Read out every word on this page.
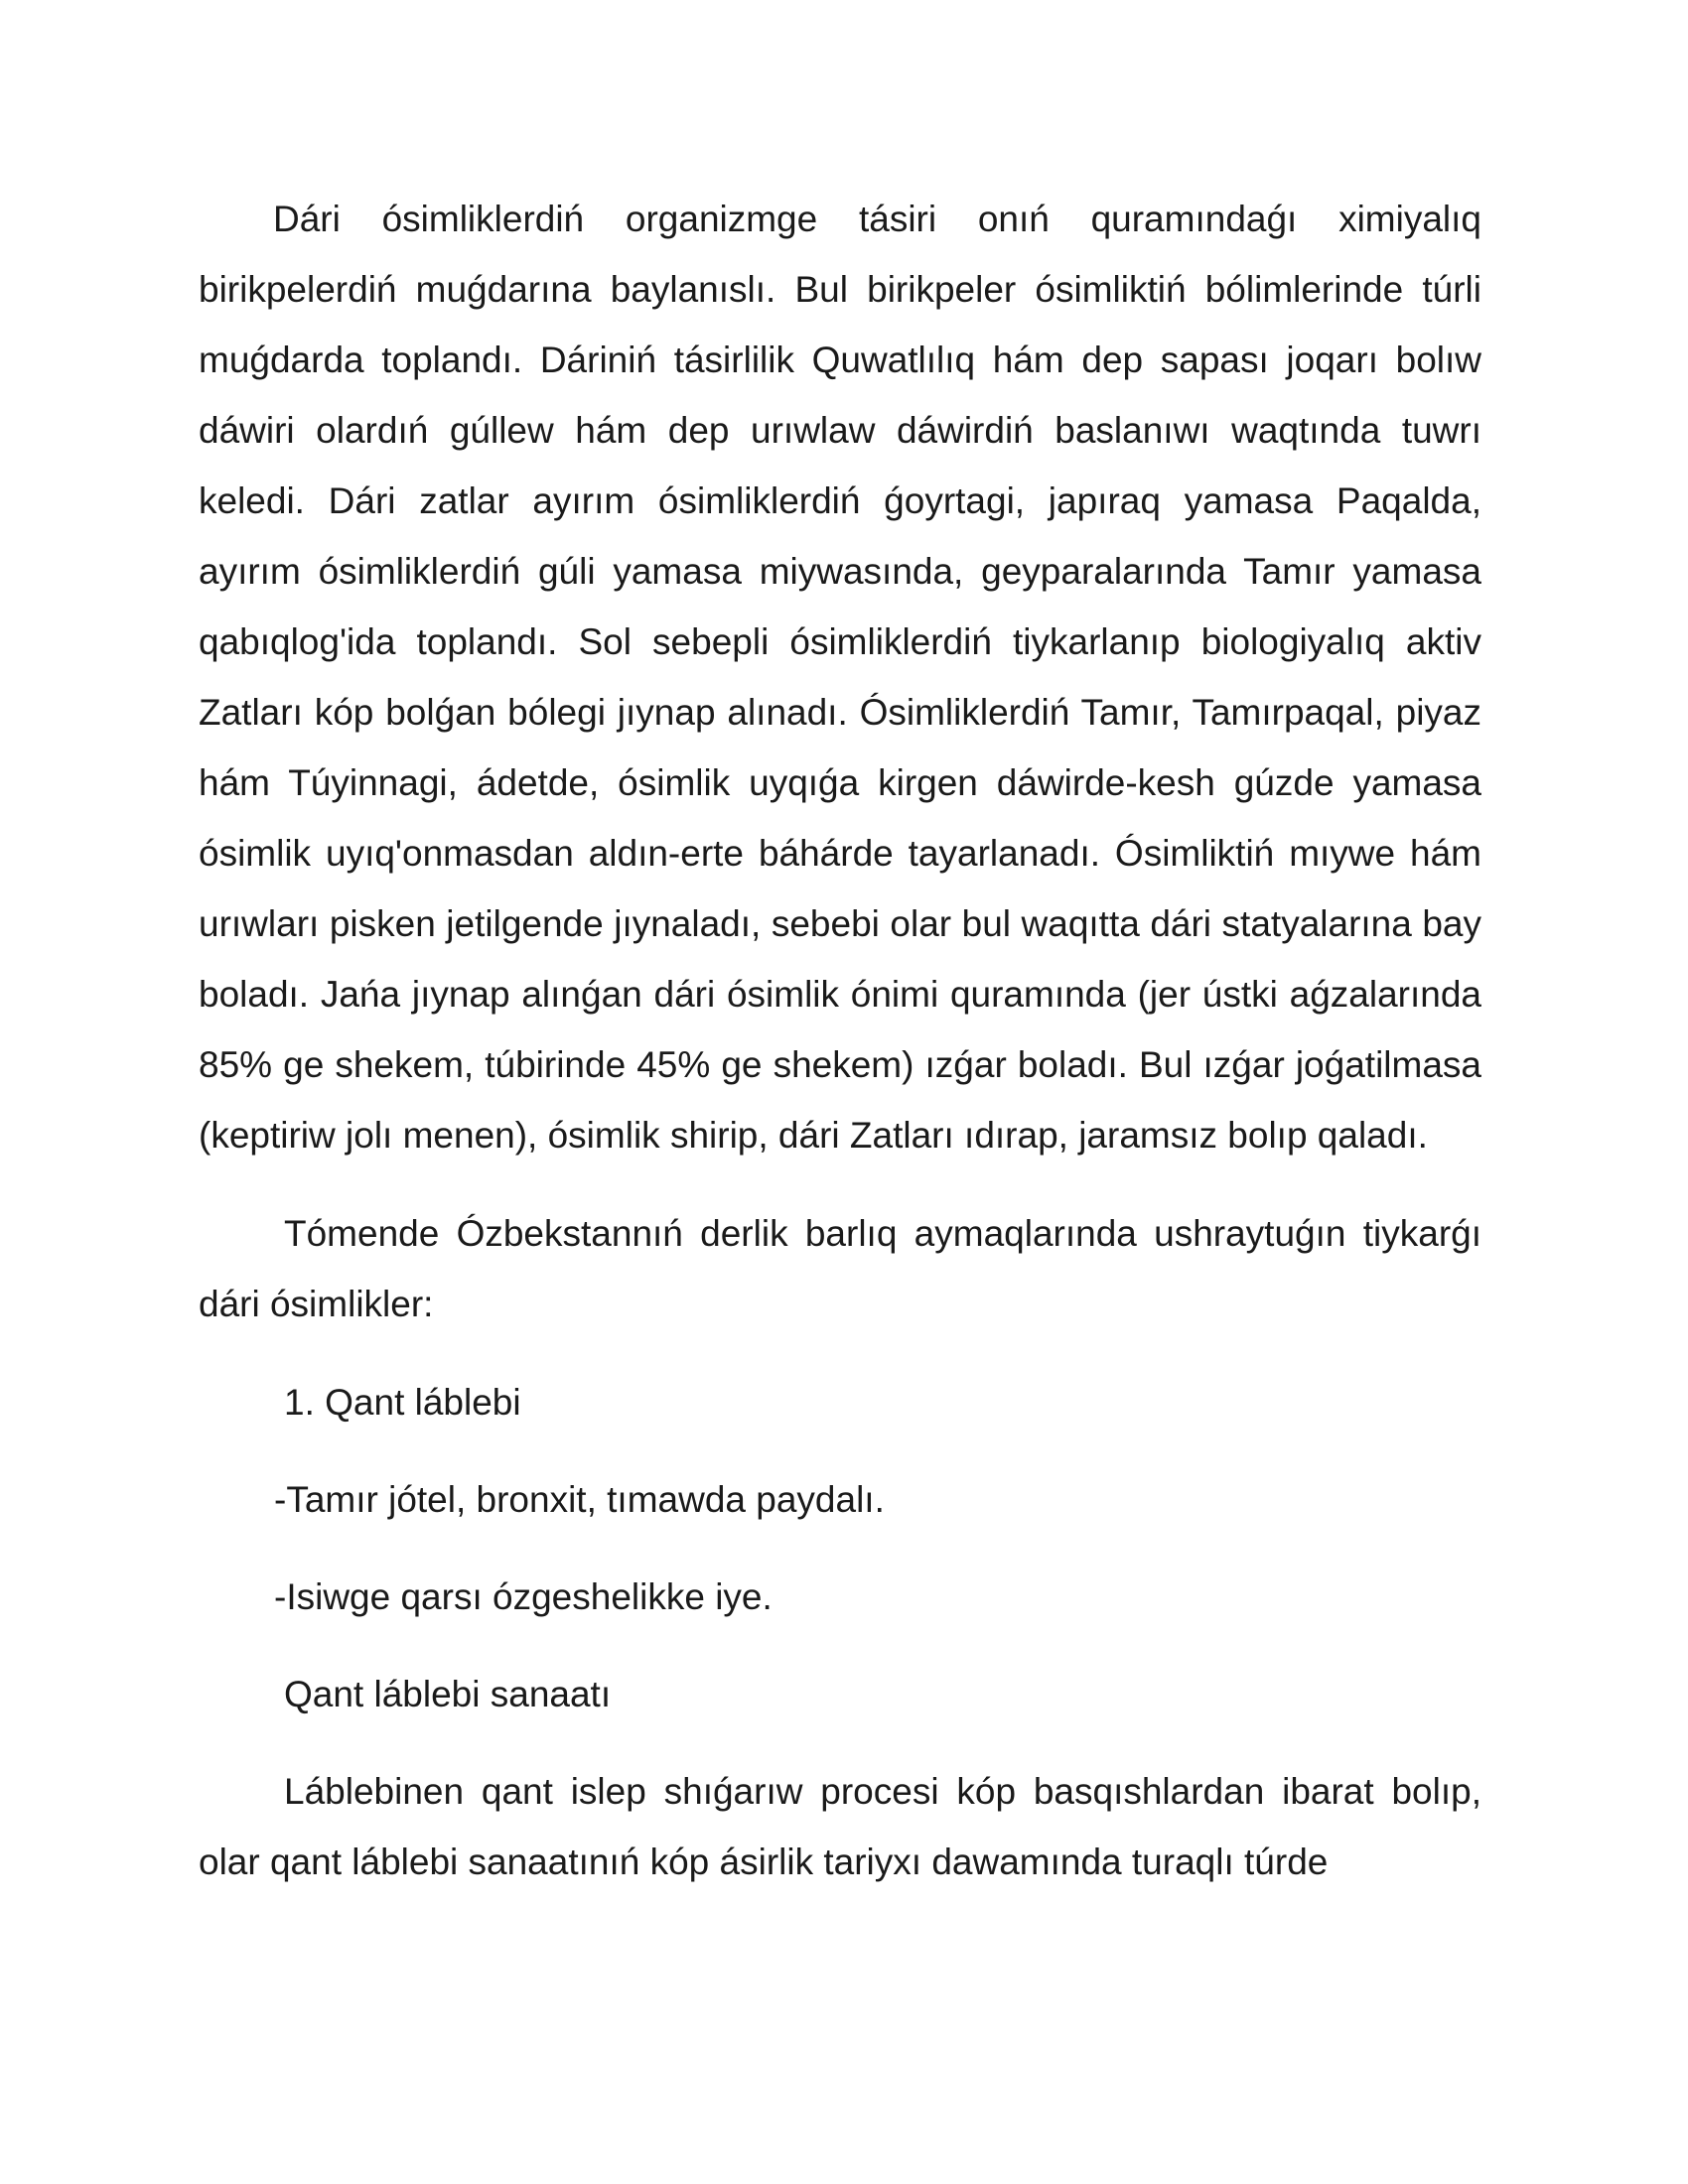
Dári ósimliklerdiń organizmge tásiri onıń quramındaǵı ximiyalıq birikpelerdiń muǵdarına baylanıslı. Bul birikpeler ósimliktiń bólimlerinde túrli muǵdarda toplandı. Dáriniń tásirlilik Quwatlılıq hám dep sapası joqarı bolıw dáwiri olardıń gúllew hám dep urıwlaw dáwirdiń baslanıwı waqtında tuwrı keledi. Dári zatlar ayırım ósimliklerdiń ǵoyrtagi, japıraq yamasa Paqalda, ayırım ósimliklerdiń gúli yamasa miywasında, geyparalarında Tamır yamasa qabıqlog'ida toplandı. Sol sebepli ósimliklerdiń tiykarlanıp biologiyalıq aktiv Zatları kóp bolǵan bólegi jıynap alınadı. Ósimliklerdiń Tamır, Tamırpaqal, piyaz hám Túyinnagi, ádetde, ósimlik uyqıǵa kirgen dáwirde-kesh gúzde yamasa ósimlik uyıq'onmasdan aldın-erte báhárde tayarlanadı. Ósimliktiń mıywe hám urıwları pisken jetilgende jıynaladı, sebebi olar bul waqıtta dári statyalarına bay boladı. Jańa jıynap alınǵan dári ósimlik ónimi quramında (jer ústki aǵzalarında 85% ge shekem, túbirinde 45% ge shekem) ızǵar boladı. Bul ızǵar joǵatilmasa (keptiriw jolı menen), ósimlik shirip, dári Zatları ıdırap, jaramsız bolıp qaladı.

Tómende Ózbekstannıń derlik barlıq aymaqlarında ushraytuǵın tiykarǵı dári ósimlikler:

1. Qant láblebi

-Tamır jótel, bronxit, tımawda paydalı.

-Isiwge qarsı ózgeshelikke iye.

Qant láblebi sanaatı

Láblebinen qant islep shıǵarıw procesi kóp basqıshlardan ibarat bolıp, olar qant láblebi sanaatınıń kóp ásirlik tariyxı dawamında turaqlı túrde
